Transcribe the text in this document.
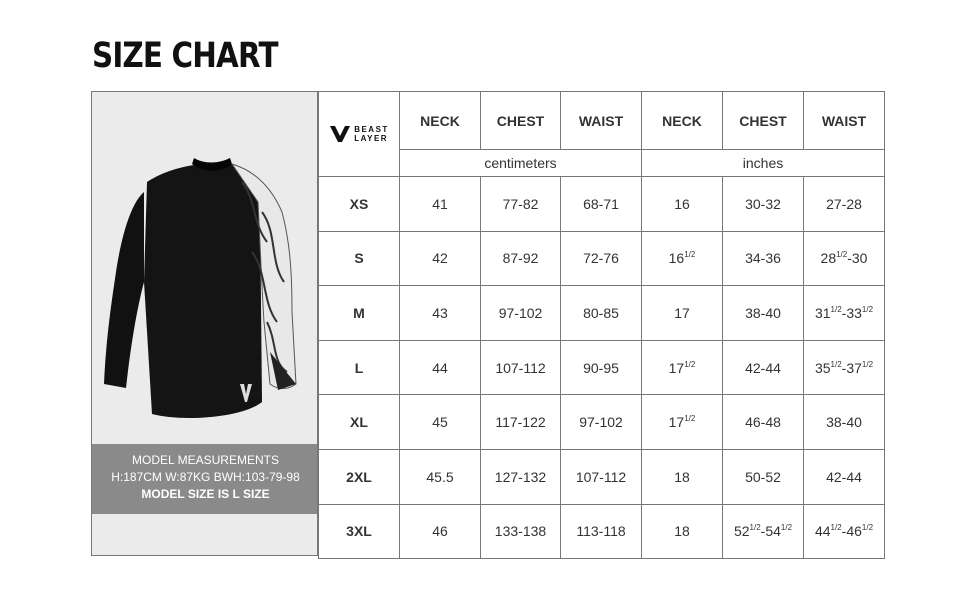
SIZE CHART
MODEL MEASUREMENTS
H:187CM W:87KG BWH:103-79-98
MODEL SIZE IS L SIZE
BEAST
LAYER	NECK	CHEST	WAIST	NECK	CHEST	WAIST
	centimeters			inches		
XS	41	77-82	68-71	16	30-32	27-28
S	42	87-92	72-76	$16^{1/2}$	34-36	$28^{1/2}-30$
M	43	97-102	80-85	17	38-40	$31^{1/2}-33^{1/2}$
L	44	107-112	90-95	$17^{1/2}$	42-44	$35^{1/2}-37^{1/2}$
XL	45	117-122	97-102	$17^{1/2}$	46-48	38-40
2XL	45.5	127-132	107-112	18	50-52	42-44
3XL	46	133-138	113-118	18	$52^{1/2}-54^{1/2}$	$44^{1/2}-46^{1/2}$
